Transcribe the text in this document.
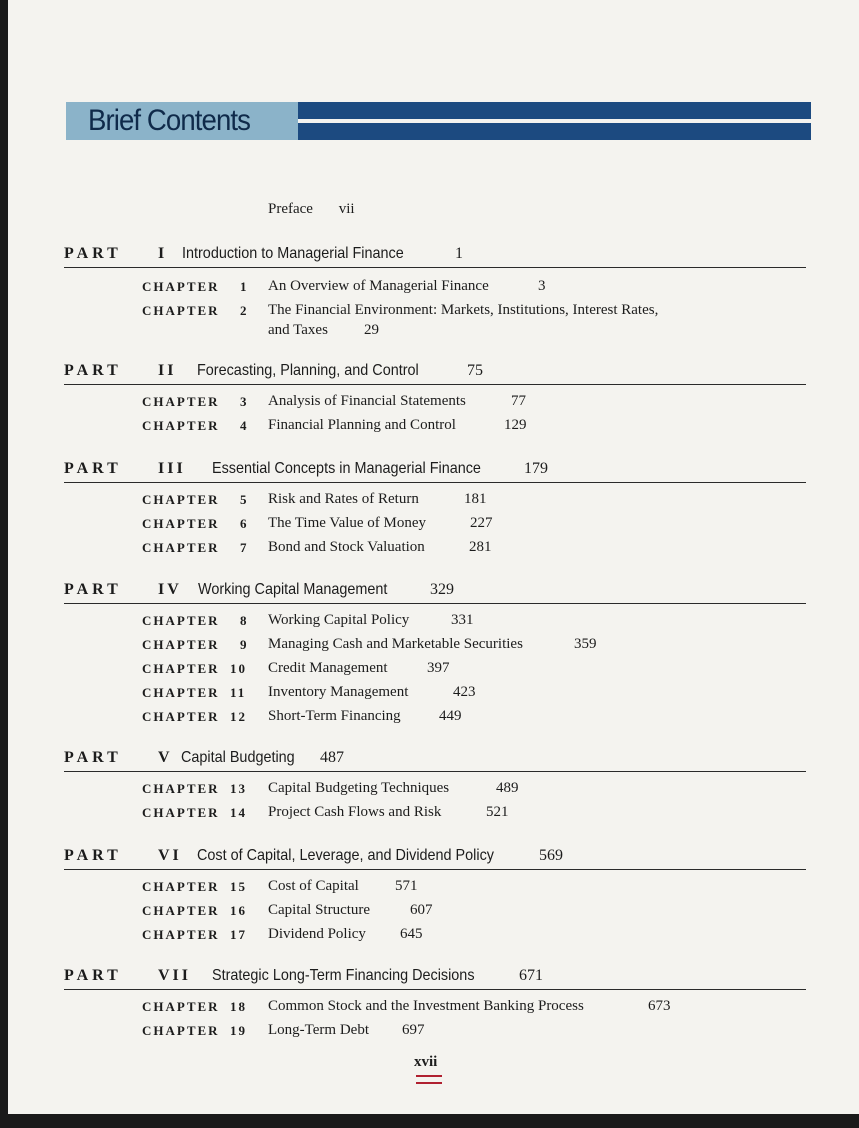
Brief Contents
Preface vii
PART I Introduction to Managerial Finance	1
CHAPTER 1 An Overview of Managerial Finance	3
CHAPTER 2 The Financial Environment: Markets, Institutions, Interest Rates,
and Taxes 29
PART II Forecasting, Planning, and Control	75
CHAPTER 3 Analysis of Financial Statements	77
CHAPTER 4 Financial Planning and Control	129
PART III Essential Concepts in Managerial Finance	179
CHAPTER 5 Risk and Rates of Return	181
CHAPTER 6 The Time Value of Money	227
CHAPTER 7 Bond and Stock Valuation	281
PART IV Working Capital Management	329
CHAPTER 8 Working Capital Policy	331
CHAPTER 9 Managing Cash and Marketable Securities	359
CHAPTER 10 Credit Management	397
CHAPTER 11 Inventory Management	423
CHAPTER 12 Short-Term Financing	449
PART V Capital Budgeting 487
CHAPTER 13 Capital Budgeting Techniques	489
CHAPTER 14 Project Cash Flows and Risk	521
PART VI Cost of Capital, Leverage, and Dividend Policy	569
CHAPTER 15 Cost of Capital 571
CHAPTER 16 Capital Structure	607
CHAPTER 17 Dividend Policy 645
PART VII Strategic Long-Term Financing Decisions	671
CHAPTER 18 Common Stock and the Investment Banking Process	673
CHAPTER 19 Long-Term Debt 697
xvii
